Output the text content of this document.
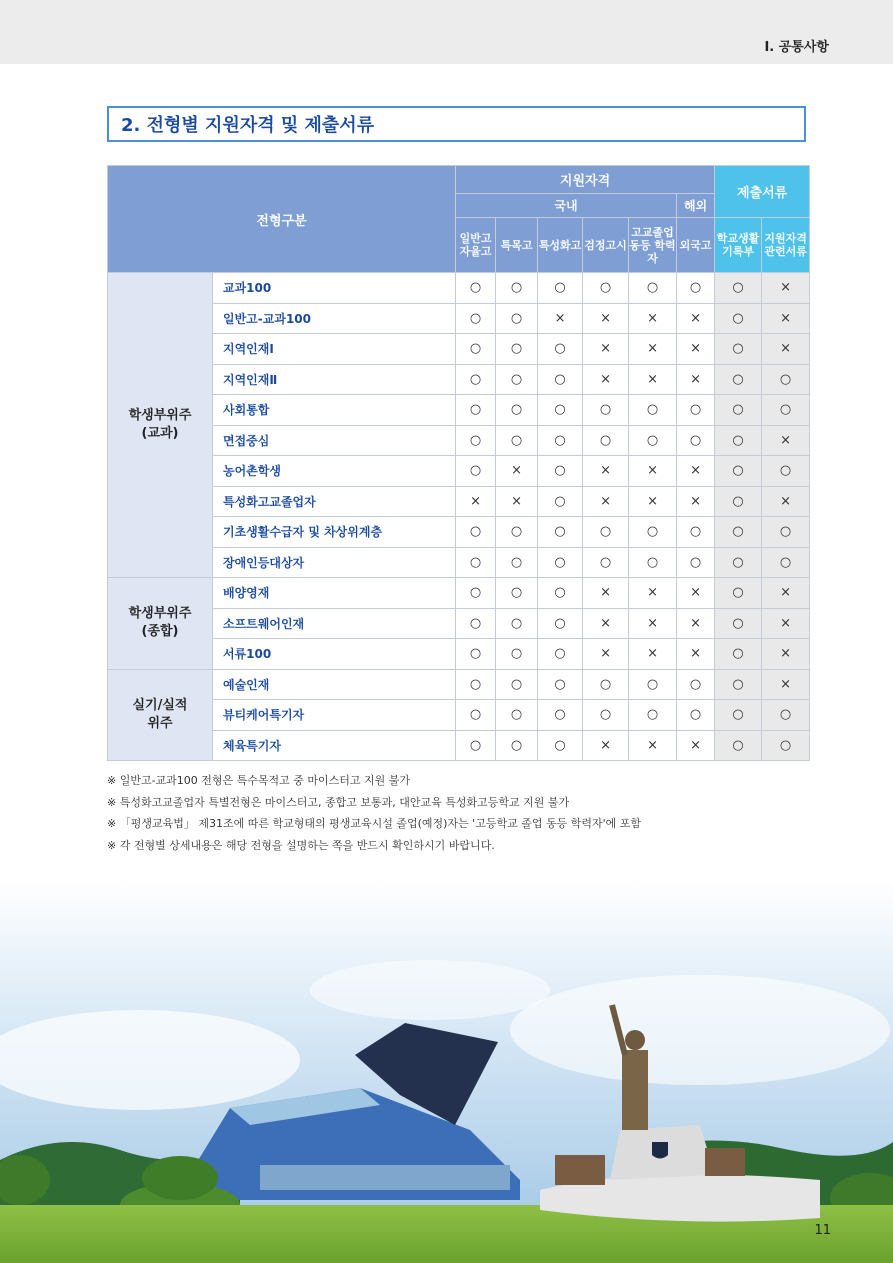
Ⅰ. 공통사항
2. 전형별 지원자격 및 제출서류
전형구분		지원자격						제출서류	
		국내					해외		
		일반고 자율고	특목고	특성화고	검정고시	고교졸업 동등 학력자	외국고	학교생활 기록부	지원자격 관련서류
학생부위주
(교과)	교과100	○	○	○	○	○	○	○	×
	일반고-교과100	○	○	×	×	×	×	○	×
	지역인재Ⅰ	○	○	○	×	×	×	○	×
	지역인재Ⅱ	○	○	○	×	×	×	○	○
	사회통합	○	○	○	○	○	○	○	○
	면접중심	○	○	○	○	○	○	○	×
	농어촌학생	○	×	○	×	×	×	○	○
	특성화고교졸업자	×	×	○	×	×	×	○	×
	기초생활수급자 및 차상위계층	○	○	○	○	○	○	○	○
	장애인등대상자	○	○	○	○	○	○	○	○
학생부위주
(종합)	배양영재	○	○	○	×	×	×	○	×
	소프트웨어인재	○	○	○	×	×	×	○	×
	서류100	○	○	○	×	×	×	○	×
실기/실적
위주	예술인재	○	○	○	○	○	○	○	×
	뷰티케어특기자	○	○	○	○	○	○	○	○
	체육특기자	○	○	○	×	×	×	○	○
※ 일반고-교과100 전형은 특수목적고 중 마이스터고 지원 불가
※ 특성화고교졸업자 특별전형은 마이스터고, 종합고 보통과, 대안교육 특성화고등학교 지원 불가
※ 「평생교육법」 제31조에 따른 학교형태의 평생교육시설 졸업(예정)자는 '고등학교 졸업 동등 학력자'에 포함
※ 각 전형별 상세내용은 해당 전형을 설명하는 쪽을 반드시 확인하시기 바랍니다.
11
